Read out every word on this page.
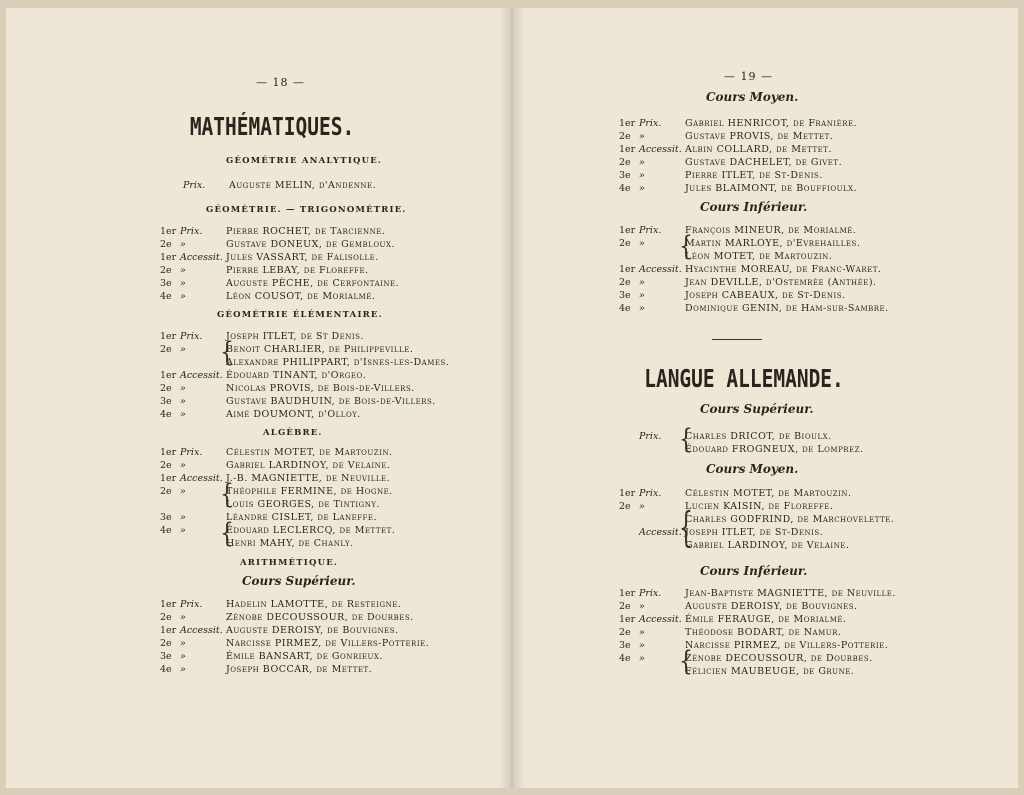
— 18 —
MATHÉMATIQUES.
GÉOMÉTRIE ANALYTIQUE.
Prix. Auguste MELIN, d'Andenne.
GÉOMÉTRIE. — TRIGONOMÉTRIE.
1er Prix. Pierre ROCHET, de Tarcienne.
2e »	Gustave DONEUX, de Gembloux.
1er Accessit. Jules VASSART, de Falisolle.
2e »	Pierre LEBAY, de Floreffe.
3e »	Auguste PÈCHE, de Cerfontaine.
4e »	Léon COUSOT, de Morialmé.
GÉOMÉTRIE ÉLÉMENTAIRE.
1er Prix. Joseph ITLET, de St Denis.
2e »	Benoit CHARLIER, de Philippeville.
Alexandre PHILIPPART, d'Isnes-les-Dames.
1er Accessit. Édouard TINANT, d'Orgeo.
2e »	Nicolas PROVIS, de Bois-de-Villers.
3e »	Gustave BAUDHUIN, de Bois-de-Villers.
4e »	Aimé DOUMONT, d'Olloy.
{
ALGÈBRE.
1er Prix. Célestin MOTET, de Martouzin.
2e »	Gabriel LARDINOY, de Velaine.
1er Accessit. J.-B. MAGNIETTE, de Neuville.
2e »	Théophile FERMINE, de Hogne.
Louis GEORGES, de Tintigny.
3e »	Léandre CISLET, de Laneffe.
4e »	Édouard LECLERCQ, de Mettet.
Henri MAHY, de Chanly.
{
{
ARITHMÉTIQUE.
Cours Supérieur.
1er Prix. Hadelin LAMOTTE, de Resteigne.
2e »	Zénobe DECOUSSOUR, de Dourbes.
1er Accessit. Auguste DEROISY, de Bouvignes.
2e »	Narcisse PIRMEZ, de Villers-Potterie.
3e »	Émile BANSART, de Gonrieux.
4e »	Joseph BOCCAR, de Mettet.
— 19 —
Cours Moyen.
1er Prix. Gabriel HENRICOT, de Franière.
2e »	Gustave PROVIS, de Mettet.
1er Accessit. Albin COLLARD, de Mettet.
2e »	Gustave DACHELET, de Givet.
3e »	Pierre ITLET, de St-Denis.
4e »	Jules BLAIMONT, de Bouffioulx.
Cours Inférieur.
1er Prix. François MINEUR, de Morialmé.
2e »	Martin MARLOYE, d'Evrehailles.
Léon MOTET, de Martouzin.
1er Accessit. Hyacinthe MOREAU, de Franc-Waret.
2e »	Jean DEVILLE, d'Ostemrée (Anthée).
3e »	Joseph CABEAUX, de St-Denis.
4e »	Dominique GENIN, de Ham-sur-Sambre.
{
LANGUE ALLEMANDE.
Cours Supérieur.
Prix. Charles DRICOT, de Bioulx.
Édouard FROGNEUX, de Lomprez.
{
Cours Moyen.
1er Prix. Célestin MOTET, de Martouzin.
2e »	Lucien KAISIN, de Floreffe.
Charles GODFRIND, de Marchovelette.
Accessit. Joseph ITLET, de St-Denis.
Gabriel LARDINOY, de Velaine.
{
Cours Inférieur.
1er Prix. Jean-Baptiste MAGNIETTE, de Neuville.
2e »	Auguste DEROISY, de Bouvignes.
1er Accessit. Émile FERAUGE, de Morialmé.
2e »	Théodose BODART, de Namur.
3e »	Narcisse PIRMEZ, de Villers-Potterie.
4e »	Zénobe DECOUSSOUR, de Dourbes.
Félicien MAUBEUGE, de Grune.
{
